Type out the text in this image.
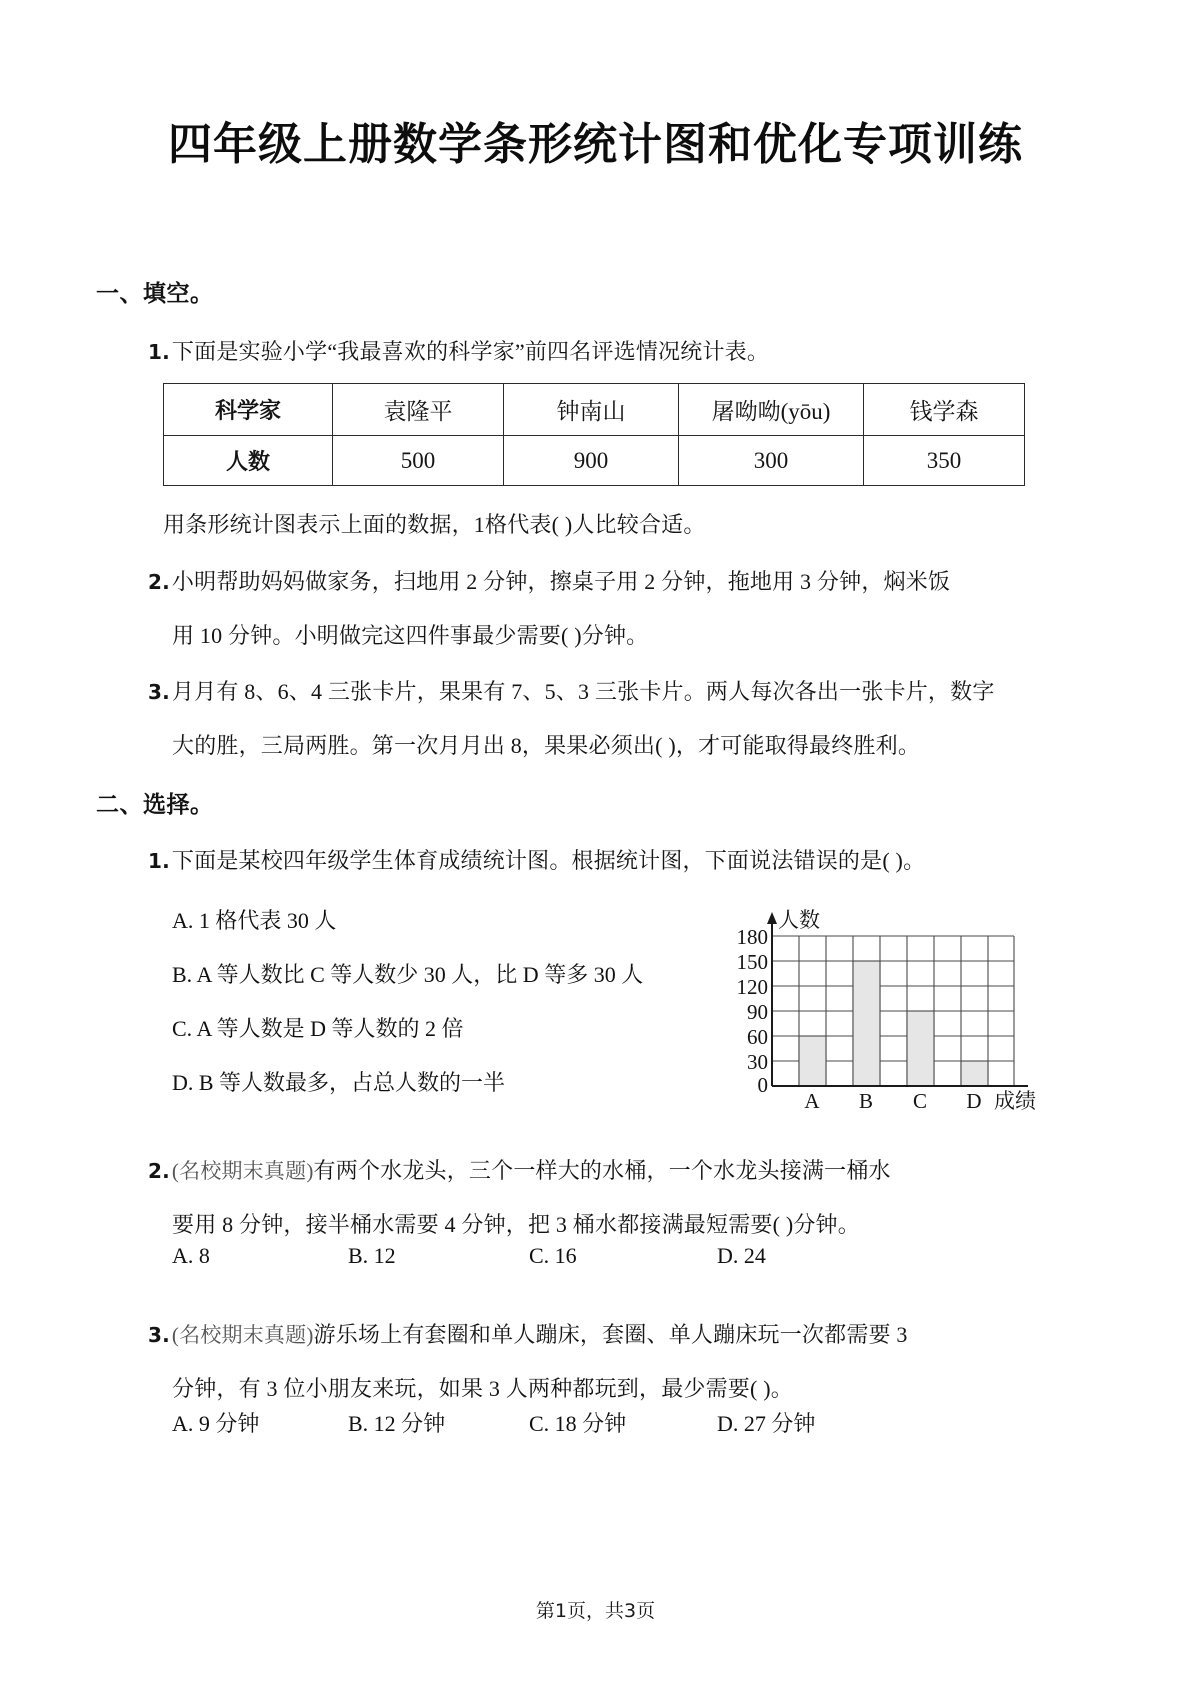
四年级上册数学条形统计图和优化专项训练
一、填空。
1.下面是实验小学“我最喜欢的科学家”前四名评选情况统计表。
科学家	袁隆平	钟南山	屠呦呦(yōu)	钱学森
人数	500	900	300	350
用条形统计图表示上面的数据，1格代表( )人比较合适。
2.小明帮助妈妈做家务，扫地用 2 分钟，擦桌子用 2 分钟，拖地用 3 分钟，焖米饭
用 10 分钟。小明做完这四件事最少需要( )分钟。
3.月月有 8、6、4 三张卡片，果果有 7、5、3 三张卡片。两人每次各出一张卡片，数字
大的胜，三局两胜。第一次月月出 8，果果必须出( )，才可能取得最终胜利。
二、选择。
1.下面是某校四年级学生体育成绩统计图。根据统计图，下面说法错误的是( )。
A. 1 格代表 30 人
B. A 等人数比 C 等人数少 30 人，比 D 等多 30 人
C. A 等人数是 D 等人数的 2 倍
D. B 等人数最多，占总人数的一半
180
150
120
90
60
30
0
人数
A B C D 成绩
2.(名校期末真题)有两个水龙头，三个一样大的水桶，一个水龙头接满一桶水
要用 8 分钟，接半桶水需要 4 分钟，把 3 桶水都接满最短需要( )分钟。
A. 8	B. 12	C. 16	D. 24
3.(名校期末真题)游乐场上有套圈和单人蹦床，套圈、单人蹦床玩一次都需要 3
分钟，有 3 位小朋友来玩，如果 3 人两种都玩到，最少需要( )。
A. 9 分钟	B. 12 分钟	C. 18 分钟	D. 27 分钟
第1页，共3页
